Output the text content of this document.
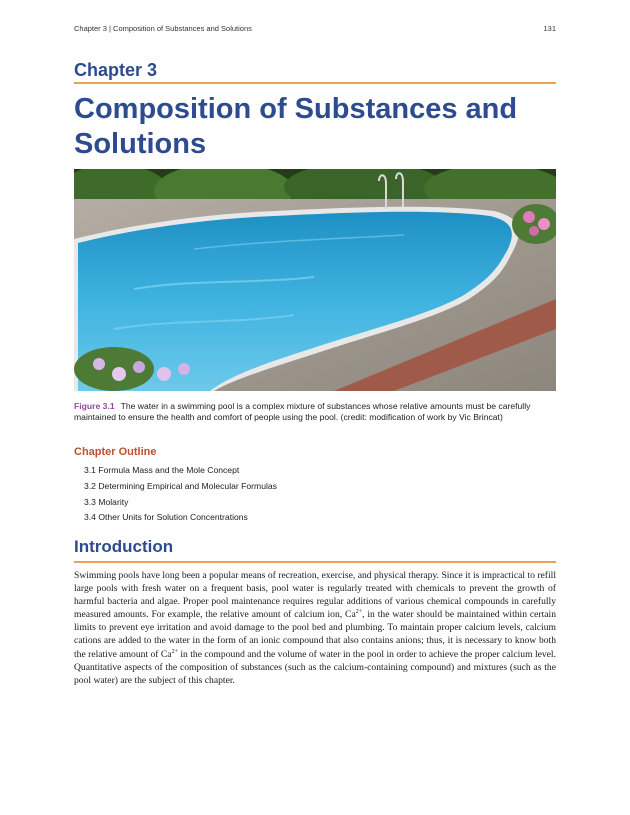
Chapter 3 | Composition of Substances and Solutions	131
Chapter 3
Composition of Substances and Solutions
Figure 3.1 The water in a swimming pool is a complex mixture of substances whose relative amounts must be carefully maintained to ensure the health and comfort of people using the pool. (credit: modification of work by Vic Brincat)
Chapter Outline
3.1 Formula Mass and the Mole Concept
3.2 Determining Empirical and Molecular Formulas
3.3 Molarity
3.4 Other Units for Solution Concentrations
Introduction

Swimming pools have long been a popular means of recreation, exercise, and physical therapy. Since it is impractical to refill large pools with fresh water on a frequent basis, pool water is regularly treated with chemicals to prevent the growth of harmful bacteria and algae. Proper pool maintenance requires regular additions of various chemical compounds in carefully measured amounts. For example, the relative amount of calcium ion, $Ca^{2+}$, in the water should be maintained within certain limits to prevent eye irritation and avoid damage to the pool bed and plumbing. To maintain proper calcium levels, calcium cations are added to the water in the form of an ionic compound that also contains anions; thus, it is necessary to know both the relative amount of $Ca^{2+}$ in the compound and the volume of water in the pool in order to achieve the proper calcium level. Quantitative aspects of the composition of substances (such as the calcium-containing compound) and mixtures (such as the pool water) are the subject of this chapter.
